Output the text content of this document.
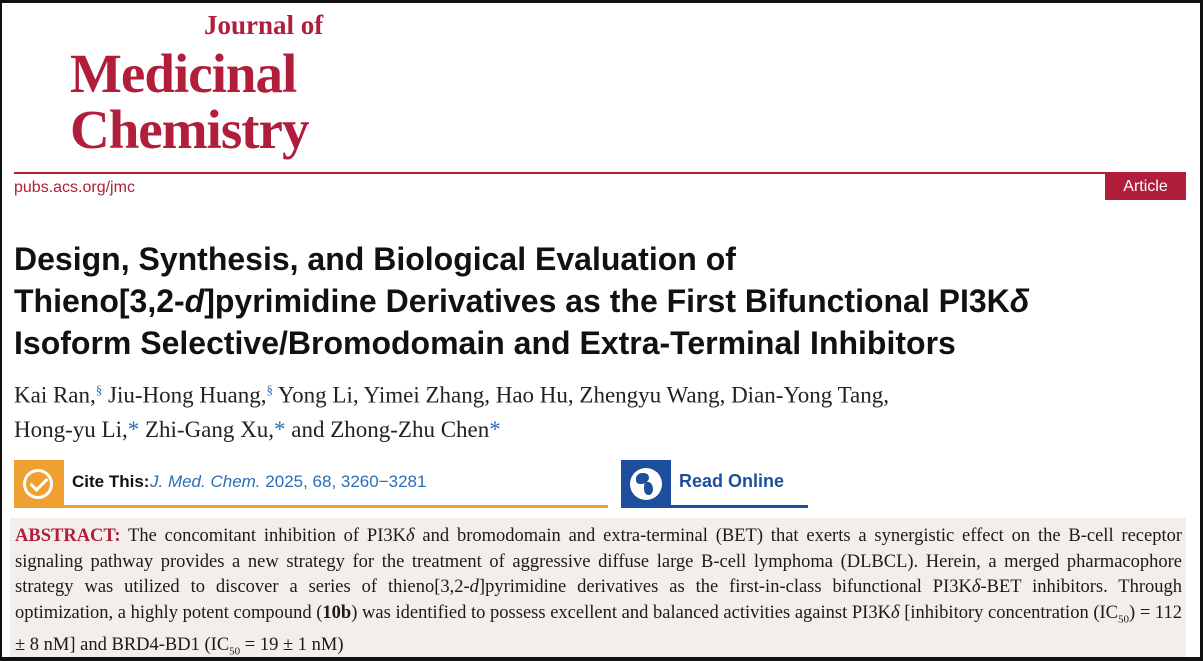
Journal of
Medicinal
Chemistry
pubs.acs.org/jmc	Article
Design, Synthesis, and Biological Evaluation of
Thieno[3,2-d]pyrimidine Derivatives as the First Bifunctional PI3Kδ
Isoform Selective/Bromodomain and Extra-Terminal Inhibitors
Kai Ran,§ Jiu-Hong Huang,§ Yong Li, Yimei Zhang, Hao Hu, Zhengyu Wang, Dian-Yong Tang,
Hong-yu Li,* Zhi-Gang Xu,* and Zhong-Zhu Chen*
Cite This: J. Med. Chem. 2025, 68, 3260−3281	Read Online
ABSTRACT: The concomitant inhibition of PI3Kδ and bromodomain and extra-terminal (BET) that exerts a synergistic effect on the B-cell receptor signaling pathway provides a new strategy for the treatment of aggressive diffuse large B-cell lymphoma (DLBCL). Herein, a merged pharmacophore strategy was utilized to discover a series of thieno[3,2-d]pyrimidine derivatives as the first-in-class bifunctional PI3Kδ-BET inhibitors. Through optimization, a highly potent compound (10b) was identified to possess excellent and balanced activities against PI3Kδ [inhibitory concentration $(IC_{50}) = 112 \pm 8$ nM] and BRD4-BD1 ($IC_{50} = 19 \pm 1$ nM)
